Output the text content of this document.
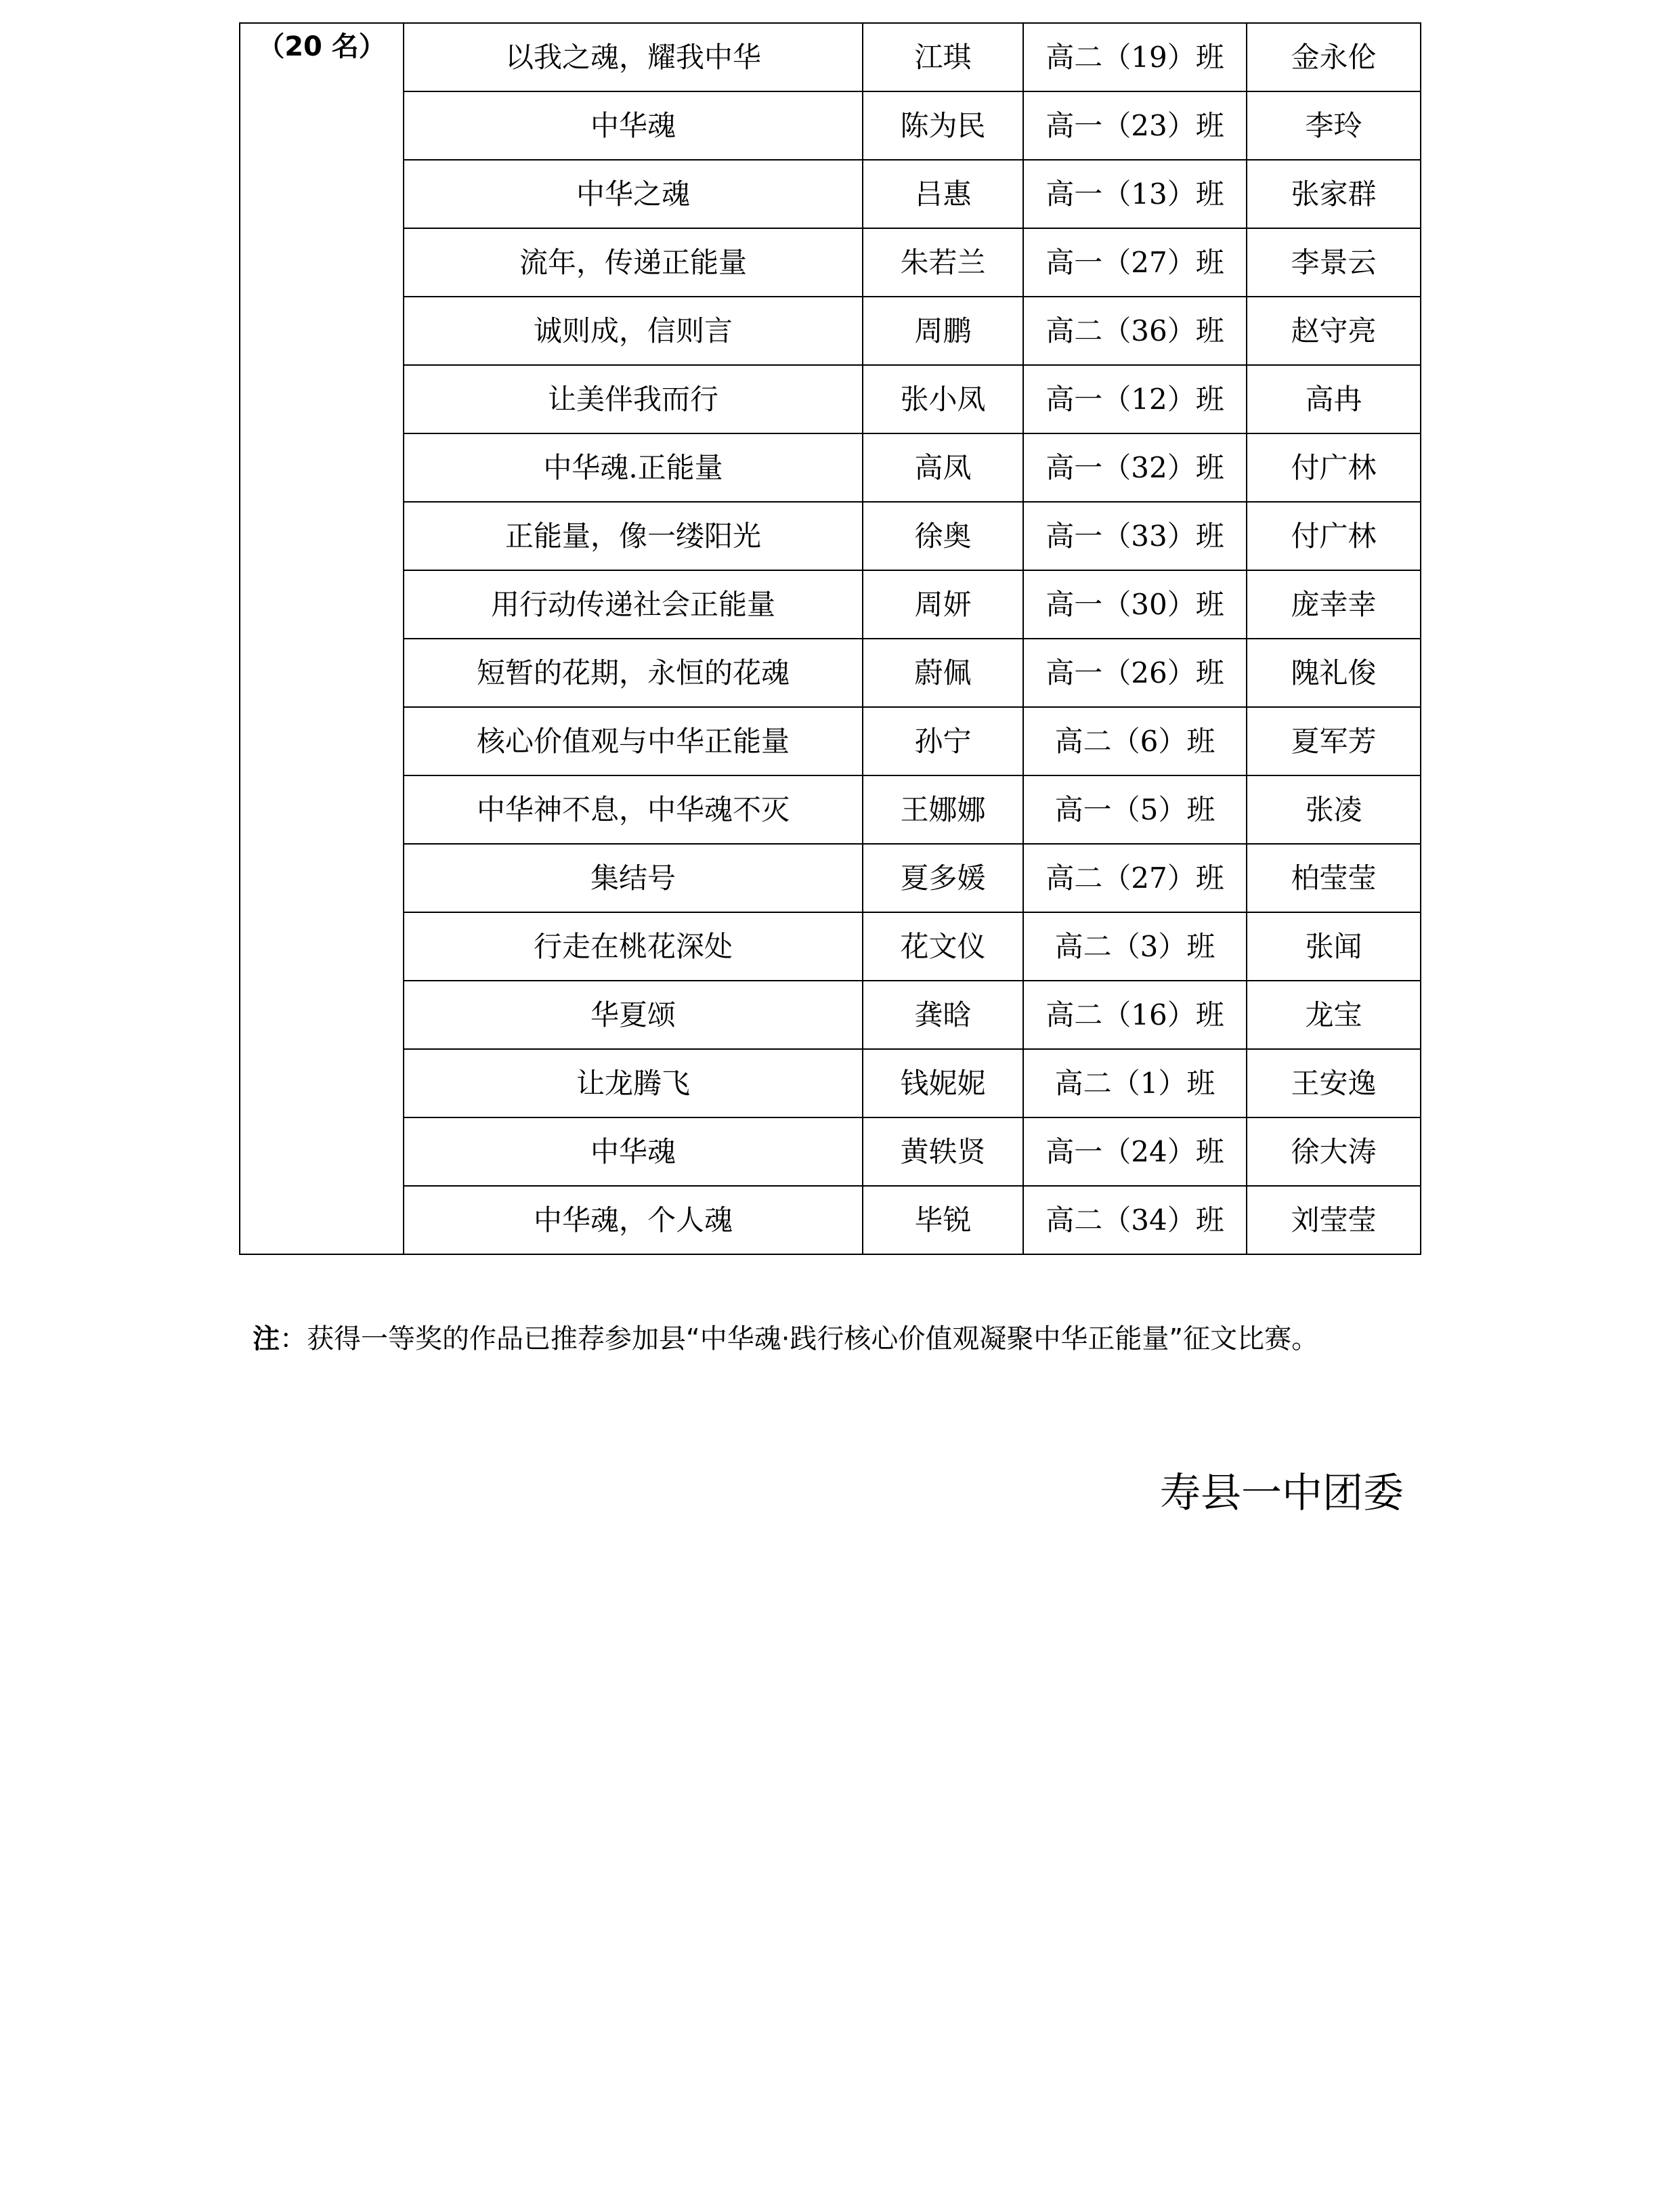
（20 名）	以我之魂，耀我中华	江琪	高二（19）班	金永伦
	中华魂	陈为民	高一（23）班	李玲
	中华之魂	吕惠	高一（13）班	张家群
	流年，传递正能量	朱若兰	高一（27）班	李景云
	诚则成，信则言	周鹏	高二（36）班	赵守亮
	让美伴我而行	张小凤	高一（12）班	高冉
	中华魂.正能量	高凤	高一（32）班	付广林
	正能量，像一缕阳光	徐奥	高一（33）班	付广林
	用行动传递社会正能量	周妍	高一（30）班	庞幸幸
	短暂的花期，永恒的花魂	蔚佩	高一（26）班	隗礼俊
	核心价值观与中华正能量	孙宁	高二（6）班	夏军芳
	中华神不息，中华魂不灭	王娜娜	高一（5）班	张凌
	集结号	夏多媛	高二（27）班	柏莹莹
	行走在桃花深处	花文仪	高二（3）班	张闻
	华夏颂	龚晗	高二（16）班	龙宝
	让龙腾飞	钱妮妮	高二（1）班	王安逸
	中华魂	黄轶贤	高一（24）班	徐大涛
	中华魂，个人魂	毕锐	高二（34）班	刘莹莹
注：获得一等奖的作品已推荐参加县“中华魂·践行核心价值观凝聚中华正能量”征文比赛。
寿县一中团委
